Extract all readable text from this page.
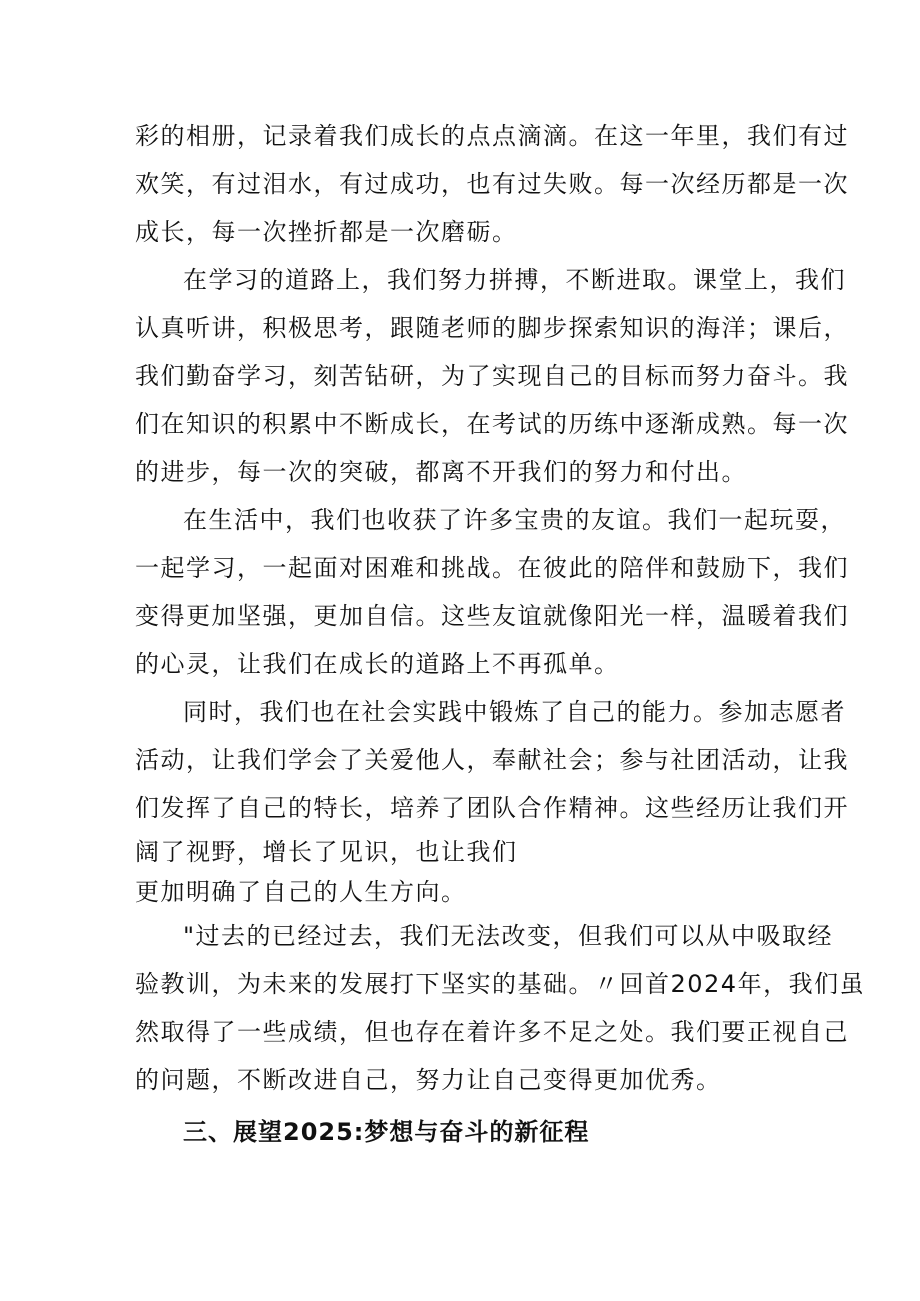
彩的相册，记录着我们成长的点点滴滴。在这一年里，我们有过
欢笑，有过泪水，有过成功，也有过失败。每一次经历都是一次
成长，每一次挫折都是一次磨砺。

在学习的道路上，我们努力拼搏，不断进取。课堂上，我们
认真听讲，积极思考，跟随老师的脚步探索知识的海洋；课后，
我们勤奋学习，刻苦钻研，为了实现自己的目标而努力奋斗。我
们在知识的积累中不断成长，在考试的历练中逐渐成熟。每一次
的进步，每一次的突破，都离不开我们的努力和付出。

在生活中，我们也收获了许多宝贵的友谊。我们一起玩耍，
一起学习，一起面对困难和挑战。在彼此的陪伴和鼓励下，我们
变得更加坚强，更加自信。这些友谊就像阳光一样，温暖着我们
的心灵，让我们在成长的道路上不再孤单。

同时，我们也在社会实践中锻炼了自己的能力。参加志愿者
活动，让我们学会了关爱他人，奉献社会；参与社团活动，让我
们发挥了自己的特长，培养了团队合作精神。这些经历让我们开
阔了视野，增长了见识，也让我们
更加明确了自己的人生方向。

"过去的已经过去，我们无法改变，但我们可以从中吸取经
验教训，为未来的发展打下坚实的基础。〃回首2024年，我们虽
然取得了一些成绩，但也存在着许多不足之处。我们要正视自己
的问题，不断改进自己，努力让自己变得更加优秀。

三、展望2025:梦想与奋斗的新征程
